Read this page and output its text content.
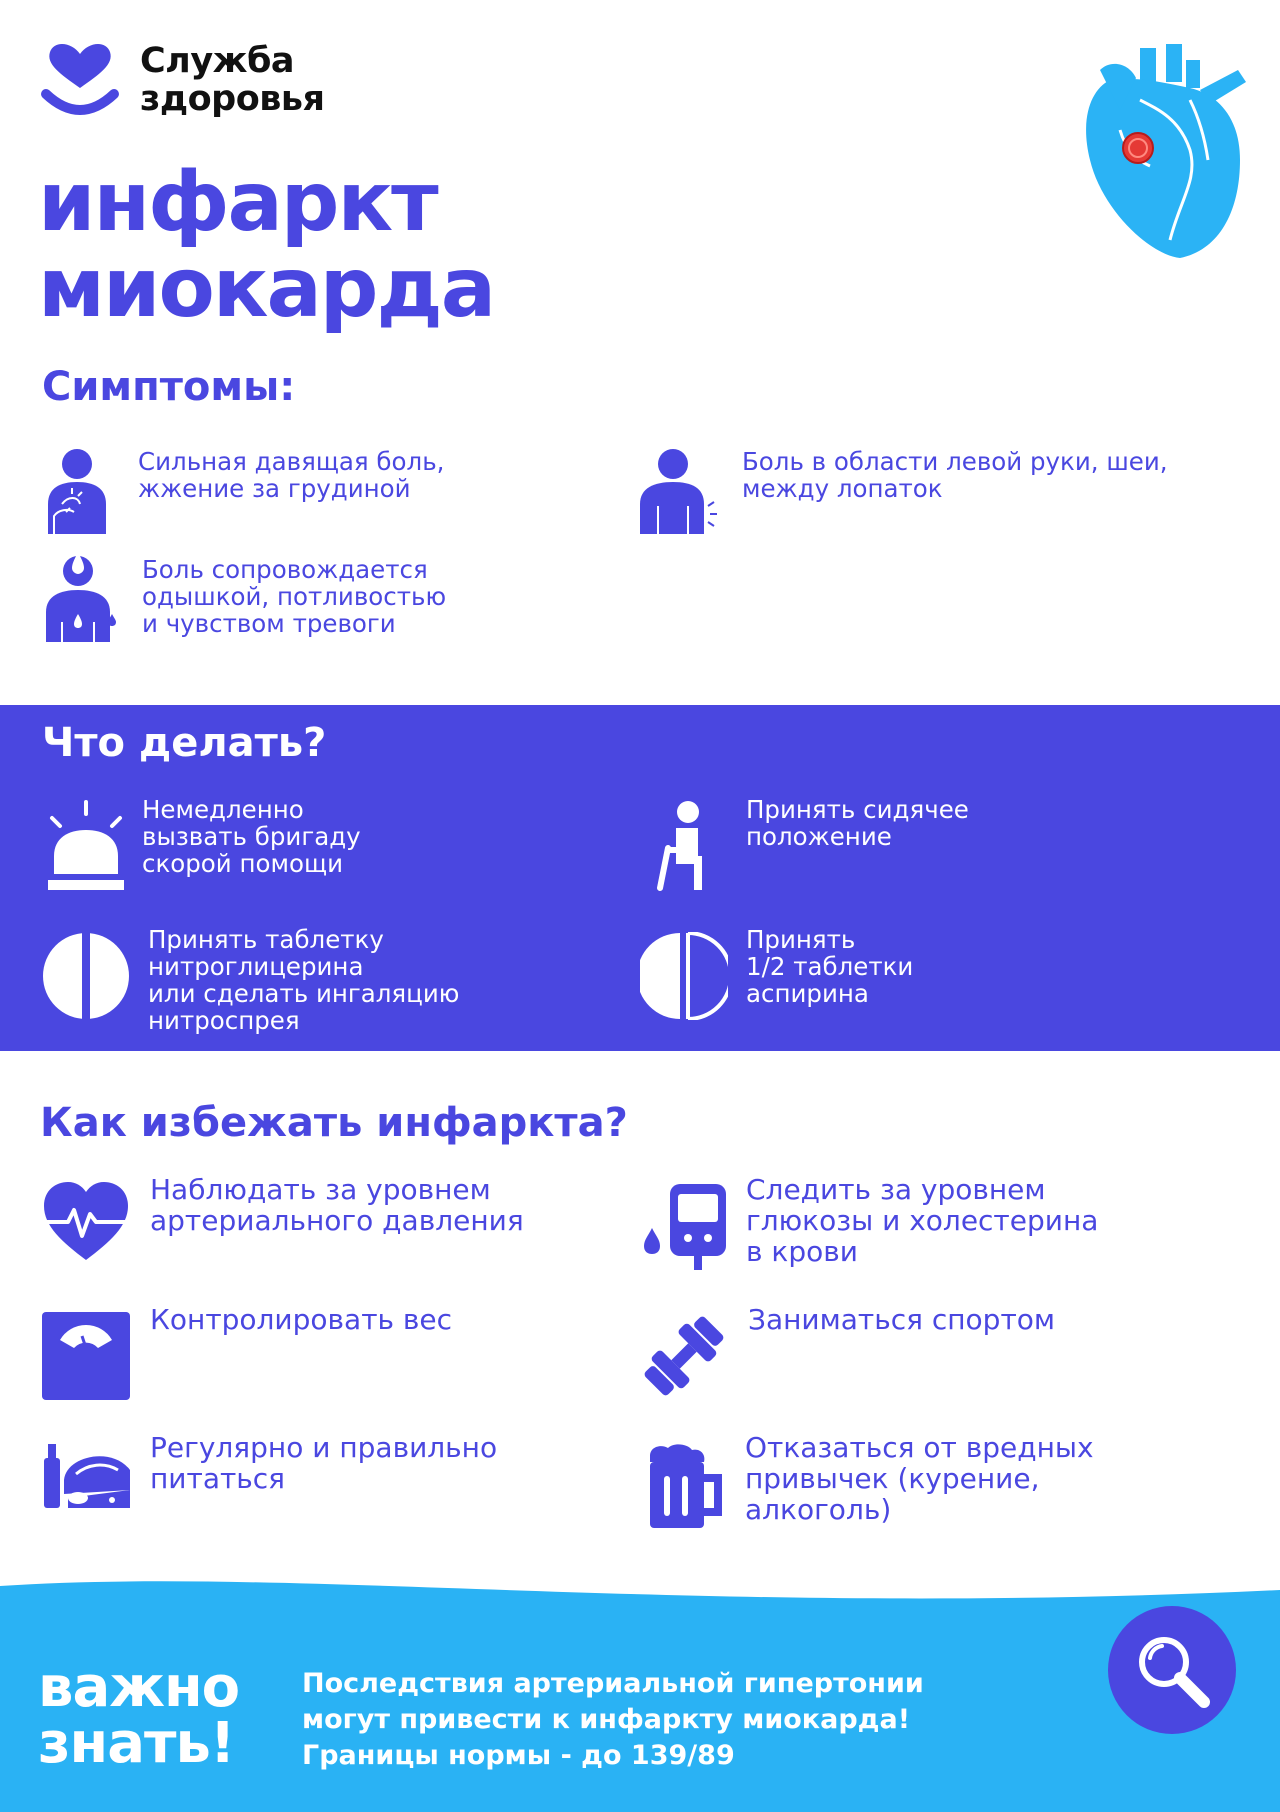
Служба
здоровья
инфаркт
миокарда
Симптомы:
Сильная давящая боль,
жжение за грудиной
Боль в области левой руки, шеи,
между лопаток
Боль сопровождается
одышкой, потливостью
и чувством тревоги
Что делать?
Немедленно
вызвать бригаду
скорой помощи
Принять сидячее
положение
Принять таблетку
нитроглицерина
или сделать ингаляцию
нитроспрея
Принять
1/2 таблетки
аспирина
Как избежать инфаркта?
Наблюдать за уровнем
артериального давления
Следить за уровнем
глюкозы и холестерина
в крови
Контролировать вес	Заниматься спортом
Регулярно и правильно
питаться
Отказаться от вредных
привычек (курение,
алкоголь)
важно
знать!
Последствия артериальной гипертонии
могут привести к инфаркту миокарда!
Границы нормы - до 139/89
